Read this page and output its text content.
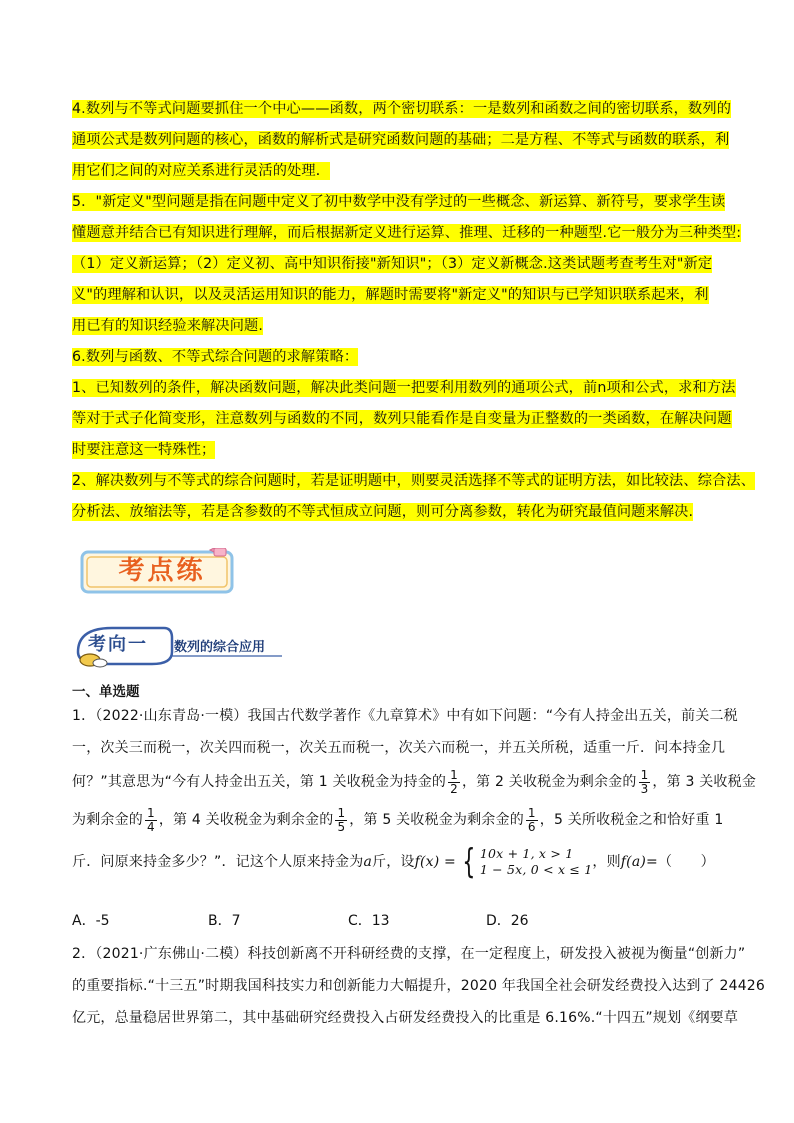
4.数列与不等式问题要抓住一个中心——函数，两个密切联系：一是数列和函数之间的密切联系，数列的
通项公式是数列问题的核心，函数的解析式是研究函数问题的基础；二是方程、不等式与函数的联系，利
用它们之间的对应关系进行灵活的处理．
5．"新定义"型问题是指在问题中定义了初中数学中没有学过的一些概念、新运算、新符号，要求学生读
懂题意并结合已有知识进行理解，而后根据新定义进行运算、推理、迁移的一种题型.它一般分为三种类型:
（1）定义新运算；（2）定义初、高中知识衔接"新知识"；（3）定义新概念.这类试题考查考生对"新定
义"的理解和认识，以及灵活运用知识的能力，解题时需要将"新定义"的知识与已学知识联系起来，利
用已有的知识经验来解决问题.
6.数列与函数、不等式综合问题的求解策略：
1、已知数列的条件，解决函数问题，解决此类问题一把要利用数列的通项公式，前n项和公式，求和方法
等对于式子化简变形，注意数列与函数的不同，数列只能看作是自变量为正整数的一类函数，在解决问题
时要注意这一特殊性；
2、解决数列与不等式的综合问题时，若是证明题中，则要灵活选择不等式的证明方法，如比较法、综合法、
分析法、放缩法等，若是含参数的不等式恒成立问题，则可分离参数，转化为研究最值问题来解决.
考点练
考向一 数列的综合应用
一、单选题
1．（2022·山东青岛·一模）我国古代数学著作《九章算术》中有如下问题：“今有人持金出五关，前关二税
一，次关三而税一，次关四而税一，次关五而税一，次关六而税一，并五关所税，适重一斤．问本持金几
何？”其意思为“今有人持金出五关，第 1 关收税金为持金的 $\frac{1}{2}$ ，第 2 关收税金为剩余金的 $\frac{1}{3}$ ，第 3 关收税金
为剩余金的 $\frac{1}{4}$ ，第 4 关收税金为剩余金的 $\frac{1}{5}$ ，第 5 关收税金为剩余金的 $\frac{1}{6}$ ，5 关所收税金之和恰好重 1
斤．问原来持金多少？”．记这个人原来持金为a斤，设f(x) = { 10x + 1, x > 1
1 − 5x, 0 < x ≤ 1 ，则f(a)=（　　）
A．-5	B．7	C．13	D．26
2．（2021·广东佛山·二模）科技创新离不开科研经费的支撑，在一定程度上，研发投入被视为衡量“创新力”
的重要指标.“十三五”时期我国科技实力和创新能力大幅提升，2020 年我国全社会研发经费投入达到了 24426
亿元，总量稳居世界第二，其中基础研究经费投入占研发经费投入的比重是 6.16%.“十四五”规划《纲要草
